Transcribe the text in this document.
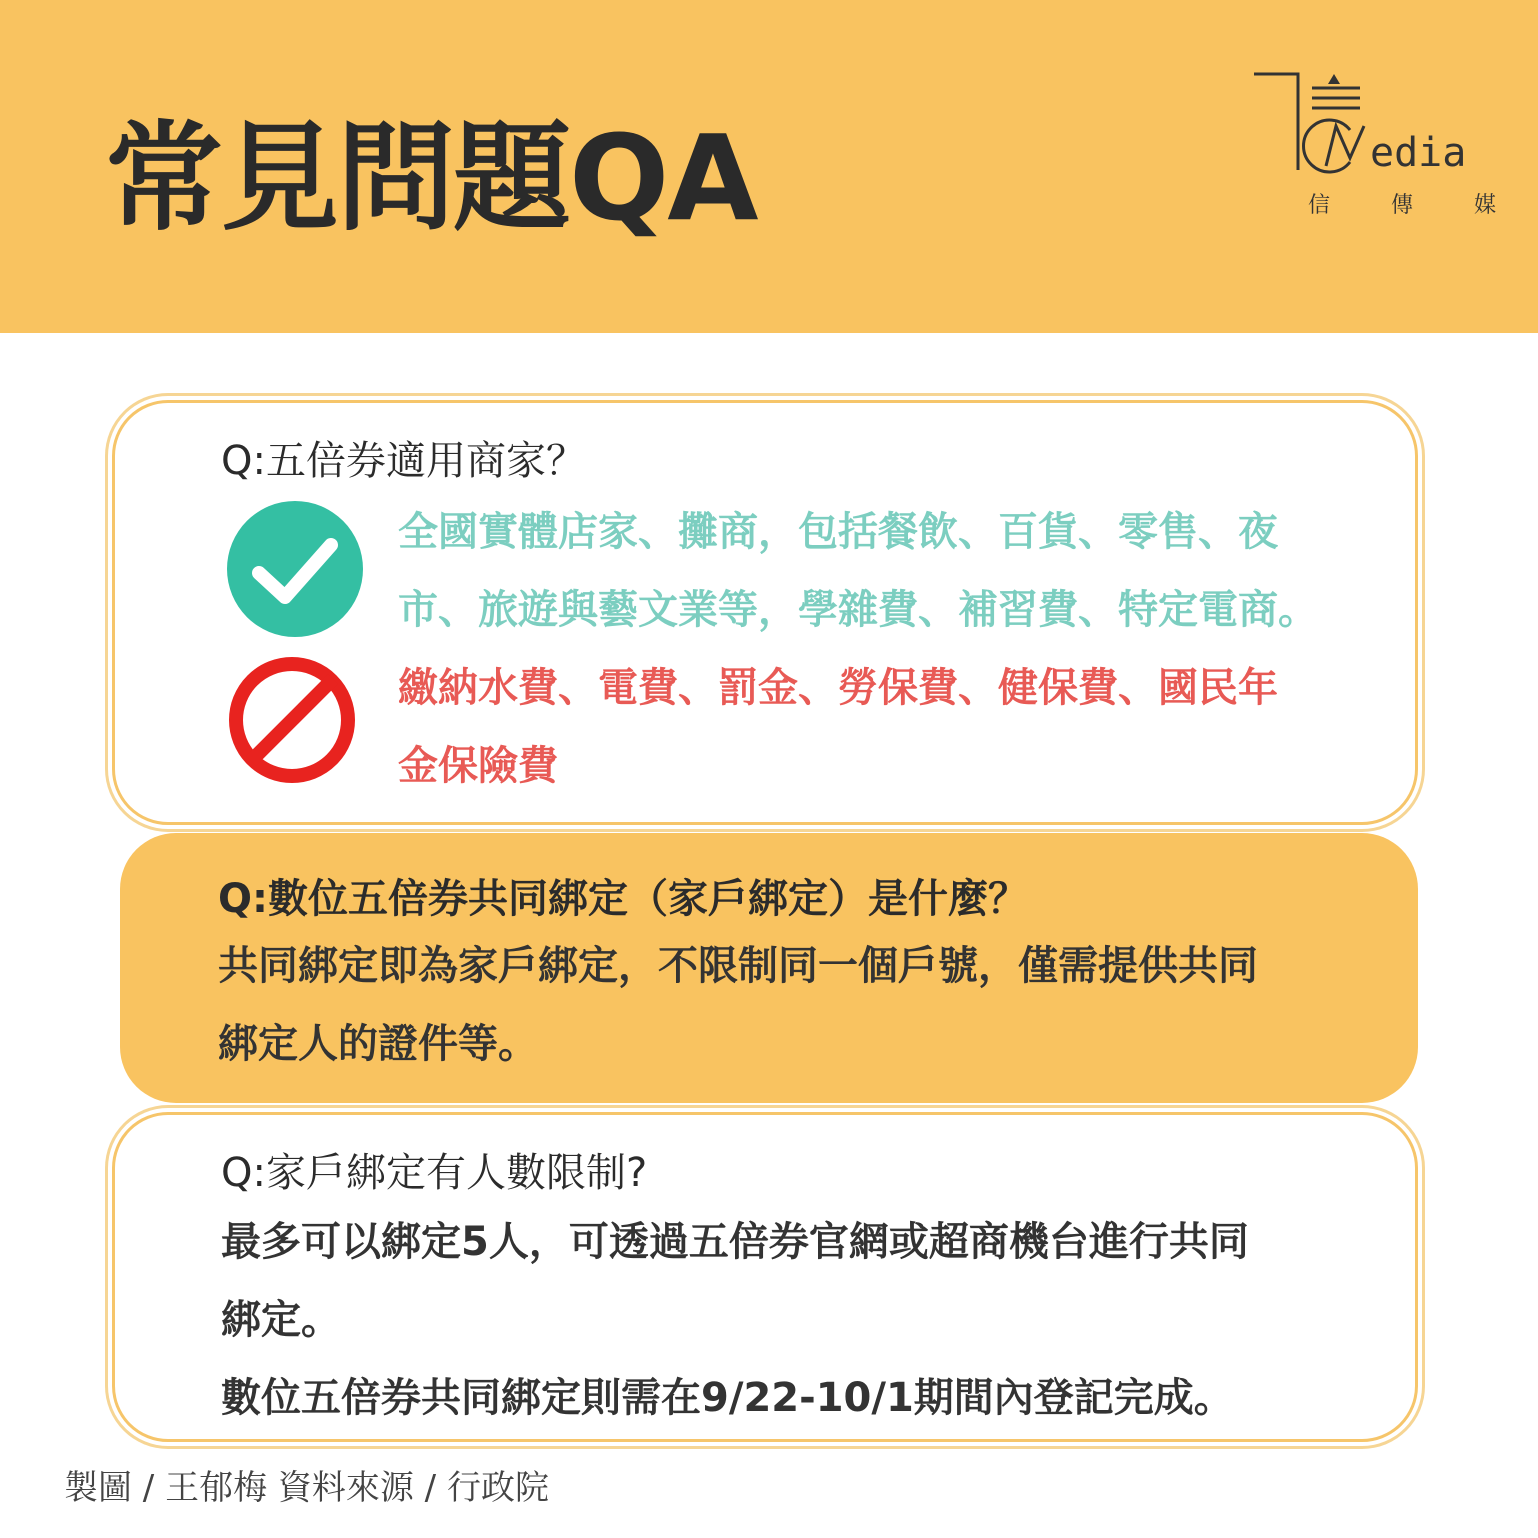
常見問題QA	edia
信	傳	媒
Q:五倍券適用商家？
全國實體店家、攤商，包括餐飲、百貨、零售、夜
市、旅遊與藝文業等，學雜費、補習費、特定電商。
繳納水費、電費、罰金、勞保費、健保費、國民年
金保險費
Q:數位五倍券共同綁定（家戶綁定）是什麼？
共同綁定即為家戶綁定，不限制同一個戶號，僅需提供共同
綁定人的證件等。
Q:家戶綁定有人數限制?
最多可以綁定5人，可透過五倍券官網或超商機台進行共同
綁定。
數位五倍券共同綁定則需在9/22-10/1期間內登記完成。
製圖 / 王郁梅 資料來源 / 行政院
